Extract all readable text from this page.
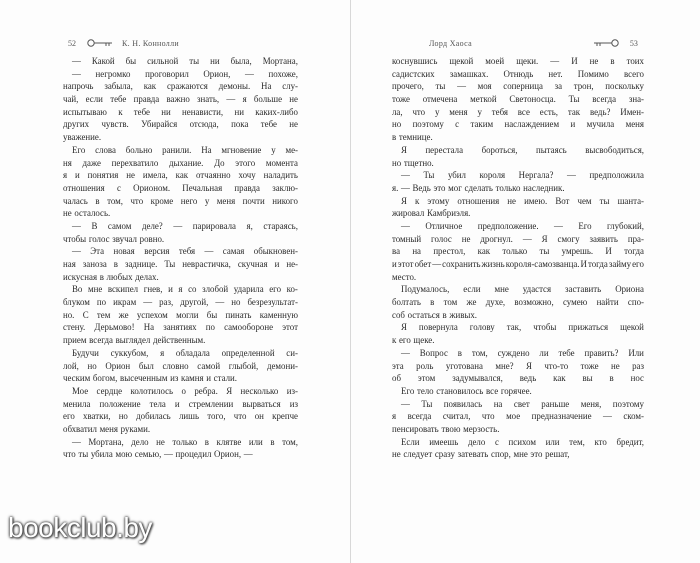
52	К. Н. Коннолли
— Какой бы сильной ты ни была, Мортана,
— негромко проговорил Орион, — похоже,
напрочь забыла, как сражаются демоны. На слу-
чай, если тебе правда важно знать, — я больше не
испытываю к тебе ни ненависти, ни каких-либо
других чувств. Убирайся отсюда, пока тебе не
уважение.
Его слова больно ранили. На мгновение у ме-
ня даже перехватило дыхание. До этого момента
я и понятия не имела, как отчаянно хочу наладить
отношения с Орионом. Печальная правда заклю-
чалась в том, что кроме него у меня почти никого
не осталось.
— В самом деле? — парировала я, стараясь,
чтобы голос звучал ровно.
— Эта новая версия тебя — самая обыкновен-
ная заноза в заднице. Ты неврастичка, скучная и не-
искусная в любых делах.
Во мне вскипел гнев, и я со злобой ударила его ко-
блуком по икрам — раз, другой, — но безрезультат-
но. С тем же успехом могли бы пинать каменную
стену. Дерьмово! На занятиях по самообороне этот
прием всегда выглядел действенным.
Будучи суккубом, я обладала определенной си-
лой, но Орион был словно самой глыбой, демони-
ческим богом, высеченным из камня и стали.
Мое сердце колотилось о ребра. Я несколько из-
менила положение тела и стремлении вырваться из
его хватки, но добилась лишь того, что он крепче
обхватил меня руками.
— Мортана, дело не только в клятве или в том,
что ты убила мою семью, — процедил Орион, —
Лорд Хаоса	53
коснувшись щекой моей щеки. — И не в тоих
садистских замашках. Отнюдь нет. Помимо всего
прочего, ты — моя соперница за трон, поскольку
тоже отмечена меткой Светоносца. Ты всегда зна-
ла, что у меня у тебя все есть, так ведь? Имен-
но поэтому с таким наслаждением и мучила меня
в темнице.
Я перестала бороться, пытаясь высвободиться,
но тщетно.
— Ты убил короля Нергала? — предположила
я. — Ведь это мог сделать только наследник.
Я к этому отношения не имею. Вот чем ты шанта-
жировал Камбриэля.
— Отличное предположение. — Его глубокий,
томный голос не дрогнул. — Я смогу заявить пра-
ва на престол, как только ты умрешь. И тогда
и этот обет — сохранить жизнь короля-самозванца. И тогда займу его
место.
Подумалось, если мне удастся заставить Ориона
болтать в том же духе, возможно, сумею найти спо-
соб остаться в живых.
Я повернула голову так, чтобы прижаться щекой
к его щеке.
— Вопрос в том, суждено ли тебе править? Или
эта роль уготована мне? Я что-то тоже не раз
об этом задумывался, ведь как вы в нос
Его тело становилось все горячее.
— Ты появилась на свет раньше меня, поэтому
я всегда считал, что мое предназначение — ском-
пенсировать твою мерзость.
Если имеешь дело с психом или тем, кто бредит,
не следует сразу затевать спор, мне это решат,
bookclub.by
